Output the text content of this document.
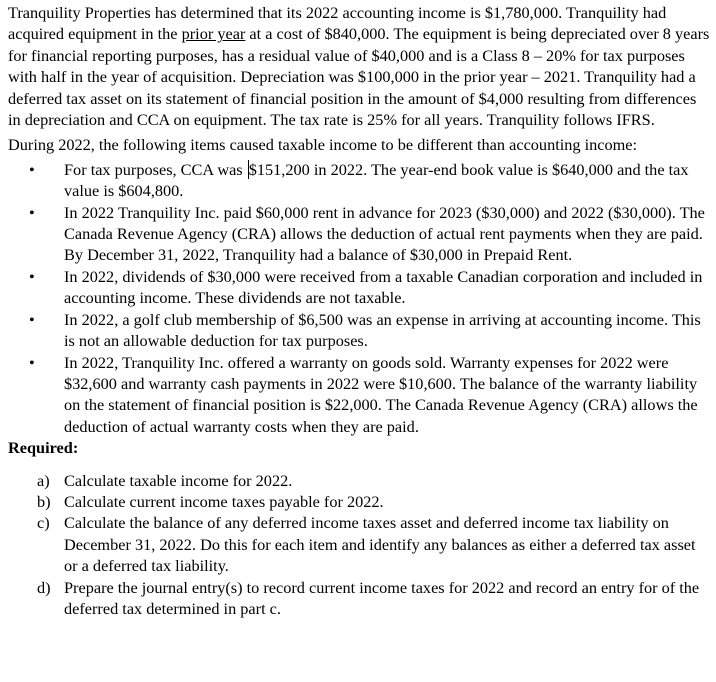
Tranquility Properties has determined that its 2022 accounting income is $1,780,000. Tranquility had acquired equipment in the prior year at a cost of $840,000. The equipment is being depreciated over 8 years for financial reporting purposes, has a residual value of $40,000 and is a Class 8 – 20% for tax purposes with half in the year of acquisition. Depreciation was $100,000 in the prior year – 2021. Tranquility had a deferred tax asset on its statement of financial position in the amount of $4,000 resulting from differences in depreciation and CCA on equipment. The tax rate is 25% for all years. Tranquility follows IFRS.

During 2022, the following items caused taxable income to be different than accounting income:

• For tax purposes, CCA was $151,200 in 2022. The year-end book value is $640,000 and the tax value is $604,800.
• In 2022 Tranquility Inc. paid $60,000 rent in advance for 2023 ($30,000) and 2022 ($30,000). The Canada Revenue Agency (CRA) allows the deduction of actual rent payments when they are paid. By December 31, 2022, Tranquility had a balance of $30,000 in Prepaid Rent.
• In 2022, dividends of $30,000 were received from a taxable Canadian corporation and included in accounting income. These dividends are not taxable.
• In 2022, a golf club membership of $6,500 was an expense in arriving at accounting income. This is not an allowable deduction for tax purposes.
• In 2022, Tranquility Inc. offered a warranty on goods sold. Warranty expenses for 2022 were $32,600 and warranty cash payments in 2022 were $10,600. The balance of the warranty liability on the statement of financial position is $22,000. The Canada Revenue Agency (CRA) allows the deduction of actual warranty costs when they are paid.

Required:

a) Calculate taxable income for 2022.
b) Calculate current income taxes payable for 2022.
c) Calculate the balance of any deferred income taxes asset and deferred income tax liability on December 31, 2022. Do this for each item and identify any balances as either a deferred tax asset or a deferred tax liability.
d) Prepare the journal entry(s) to record current income taxes for 2022 and record an entry for of the deferred tax determined in part c.
